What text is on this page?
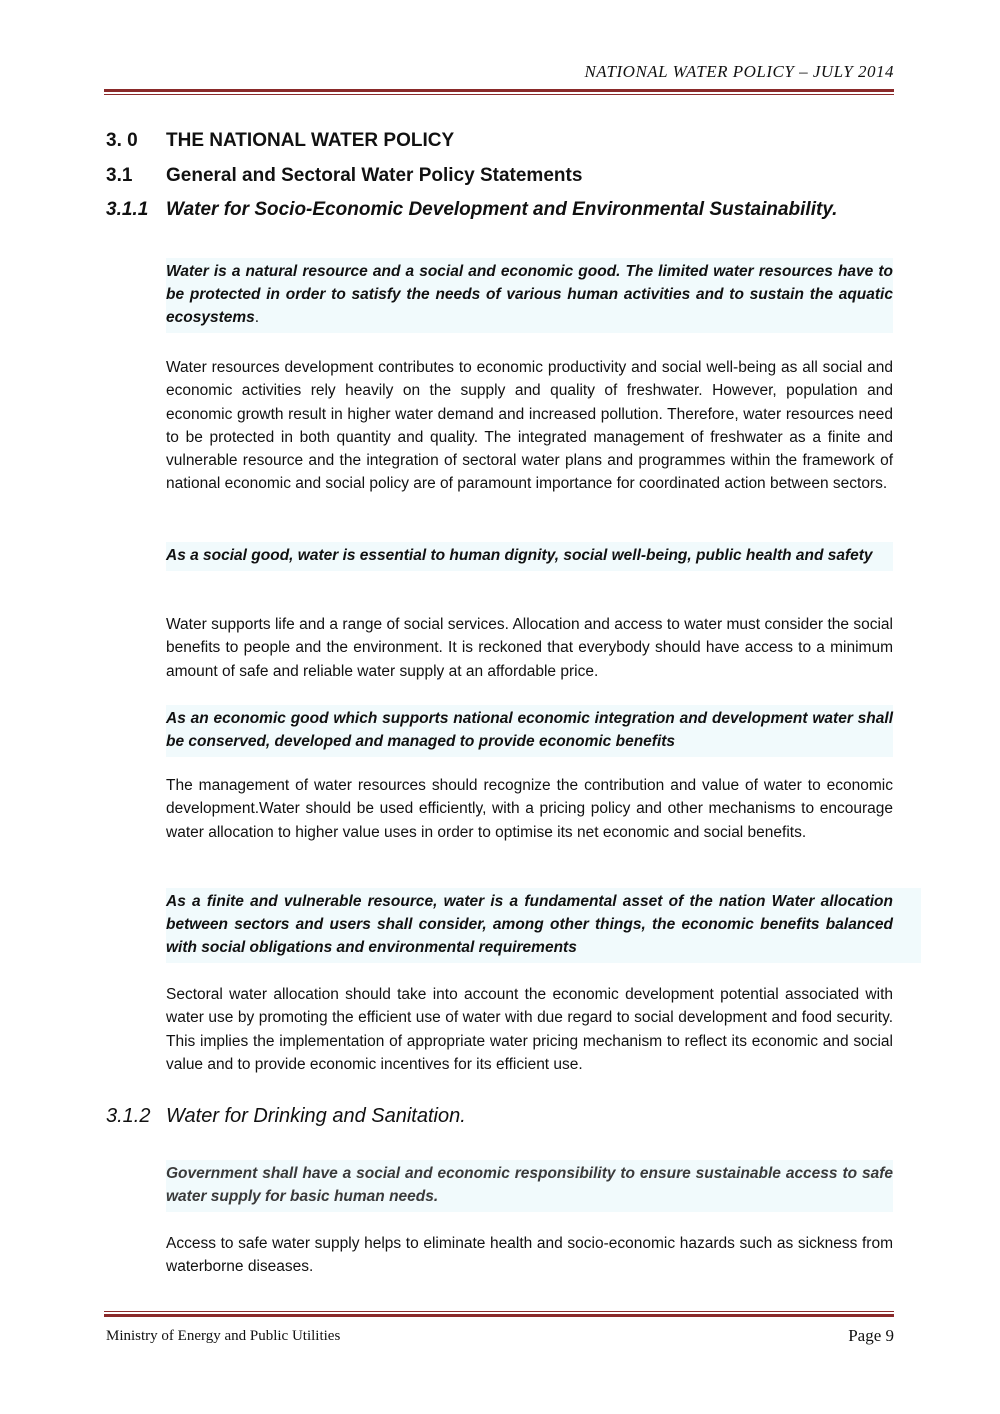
NATIONAL WATER POLICY – JULY 2014
3. 0 THE NATIONAL WATER POLICY
3.1 General and Sectoral Water Policy Statements
3.1.1 Water for Socio-Economic Development and Environmental Sustainability.
Water is a natural resource and a social and economic good. The limited water resources have to be protected in order to satisfy the needs of various human activities and to sustain the aquatic ecosystems.
Water resources development contributes to economic productivity and social well-being as all social and economic activities rely heavily on the supply and quality of freshwater. However, population and economic growth result in higher water demand and increased pollution. Therefore, water resources need to be protected in both quantity and quality. The integrated management of freshwater as a finite and vulnerable resource and the integration of sectoral water plans and programmes within the framework of national economic and social policy are of paramount importance for coordinated action between sectors.
As a social good, water is essential to human dignity, social well-being, public health and safety
Water supports life and a range of social services. Allocation and access to water must consider the social benefits to people and the environment. It is reckoned that everybody should have access to a minimum amount of safe and reliable water supply at an affordable price.
As an economic good which supports national economic integration and development water shall be conserved, developed and managed to provide economic benefits
The management of water resources should recognize the contribution and value of water to economic development.Water should be used efficiently, with a pricing policy and other mechanisms to encourage water allocation to higher value uses in order to optimise its net economic and social benefits.
As a finite and vulnerable resource, water is a fundamental asset of the nation Water allocation between sectors and users shall consider, among other things, the economic benefits balanced with social obligations and environmental requirements
Sectoral water allocation should take into account the economic development potential associated with water use by promoting the efficient use of water with due regard to social development and food security. This implies the implementation of appropriate water pricing mechanism to reflect its economic and social value and to provide economic incentives for its efficient use.
3.1.2 Water for Drinking and Sanitation.
Government shall have a social and economic responsibility to ensure sustainable access to safe water supply for basic human needs.
Access to safe water supply helps to eliminate health and socio-economic hazards such as sickness from waterborne diseases.
Ministry of Energy and Public Utilities	Page 9
